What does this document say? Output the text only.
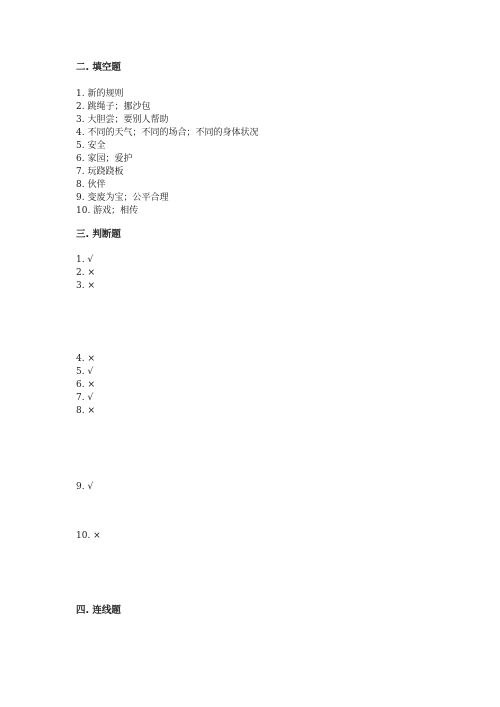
二. 填空题
1. 新的规则
2. 跳绳子；挪沙包
3. 大胆尝；要别人帮助
4. 不同的天气；不同的场合；不同的身体状况
5. 安全
6. 家园；爱护
7. 玩跷跷板
8. 伙伴
9. 变废为宝；公平合理
10. 游戏；相传
三. 判断题
1. √
2. ×
3. ×
4. ×
5. √
6. ×
7. √
8. ×
9. √
10. ×
四. 连线题
